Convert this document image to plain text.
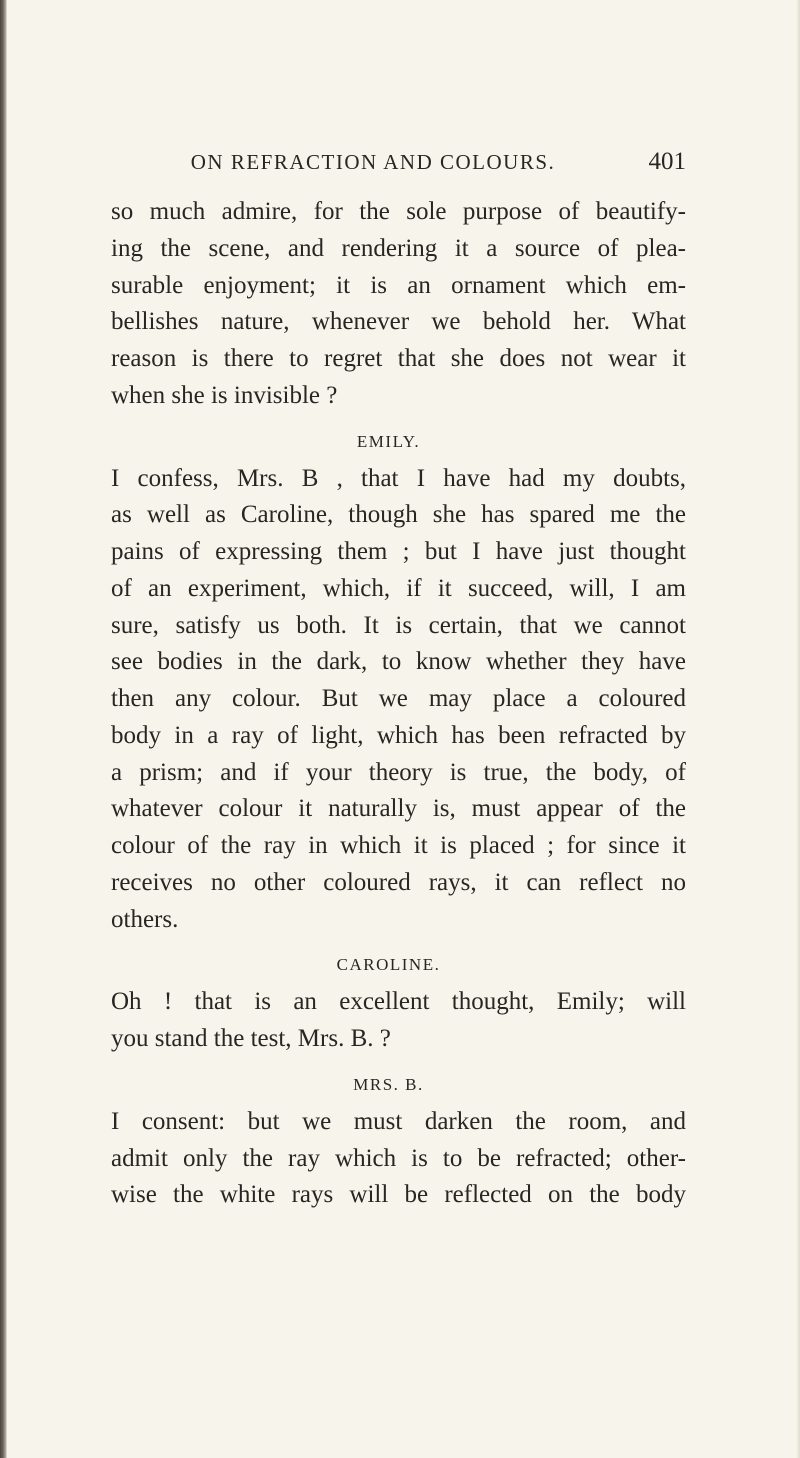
ON REFRACTION AND COLOURS.	401
so much admire, for the sole purpose of beautify-
ing the scene, and rendering it a source of plea-
surable enjoyment; it is an ornament which em-
bellishes nature, whenever we behold her. What
reason is there to regret that she does not wear it
when she is invisible ?
EMILY.
I confess, Mrs. B , that I have had my doubts,
as well as Caroline, though she has spared me the
pains of expressing them ; but I have just thought
of an experiment, which, if it succeed, will, I am
sure, satisfy us both. It is certain, that we cannot
see bodies in the dark, to know whether they have
then any colour. But we may place a coloured
body in a ray of light, which has been refracted by
a prism; and if your theory is true, the body, of
whatever colour it naturally is, must appear of the
colour of the ray in which it is placed ; for since it
receives no other coloured rays, it can reflect no
others.
CAROLINE.
Oh ! that is an excellent thought, Emily; will
you stand the test, Mrs. B. ?
MRS. B.
I consent: but we must darken the room, and
admit only the ray which is to be refracted; other-
wise the white rays will be reflected on the body
